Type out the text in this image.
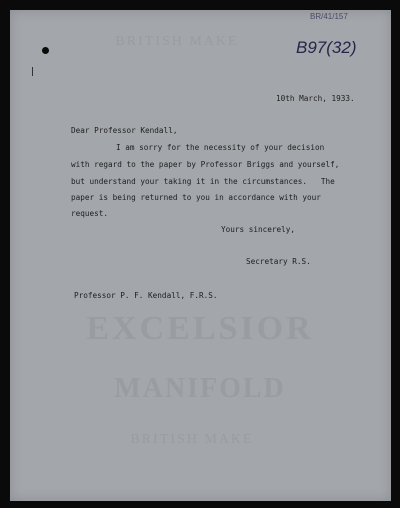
BRITISH MAKE
EXCELSIOR
MANIFOLD
BRITISH MAKE
BR/41/157
B97(32)
10th March, 1933.
Dear Professor Kendall,
I am sorry for the necessity of your decision
with regard to the paper by Professor Briggs and yourself,
but understand your taking it in the circumstances.   The
paper is being returned to you in accordance with your
request.
Yours sincerely,
Secretary R.S.
Professor P. F. Kendall, F.R.S.
